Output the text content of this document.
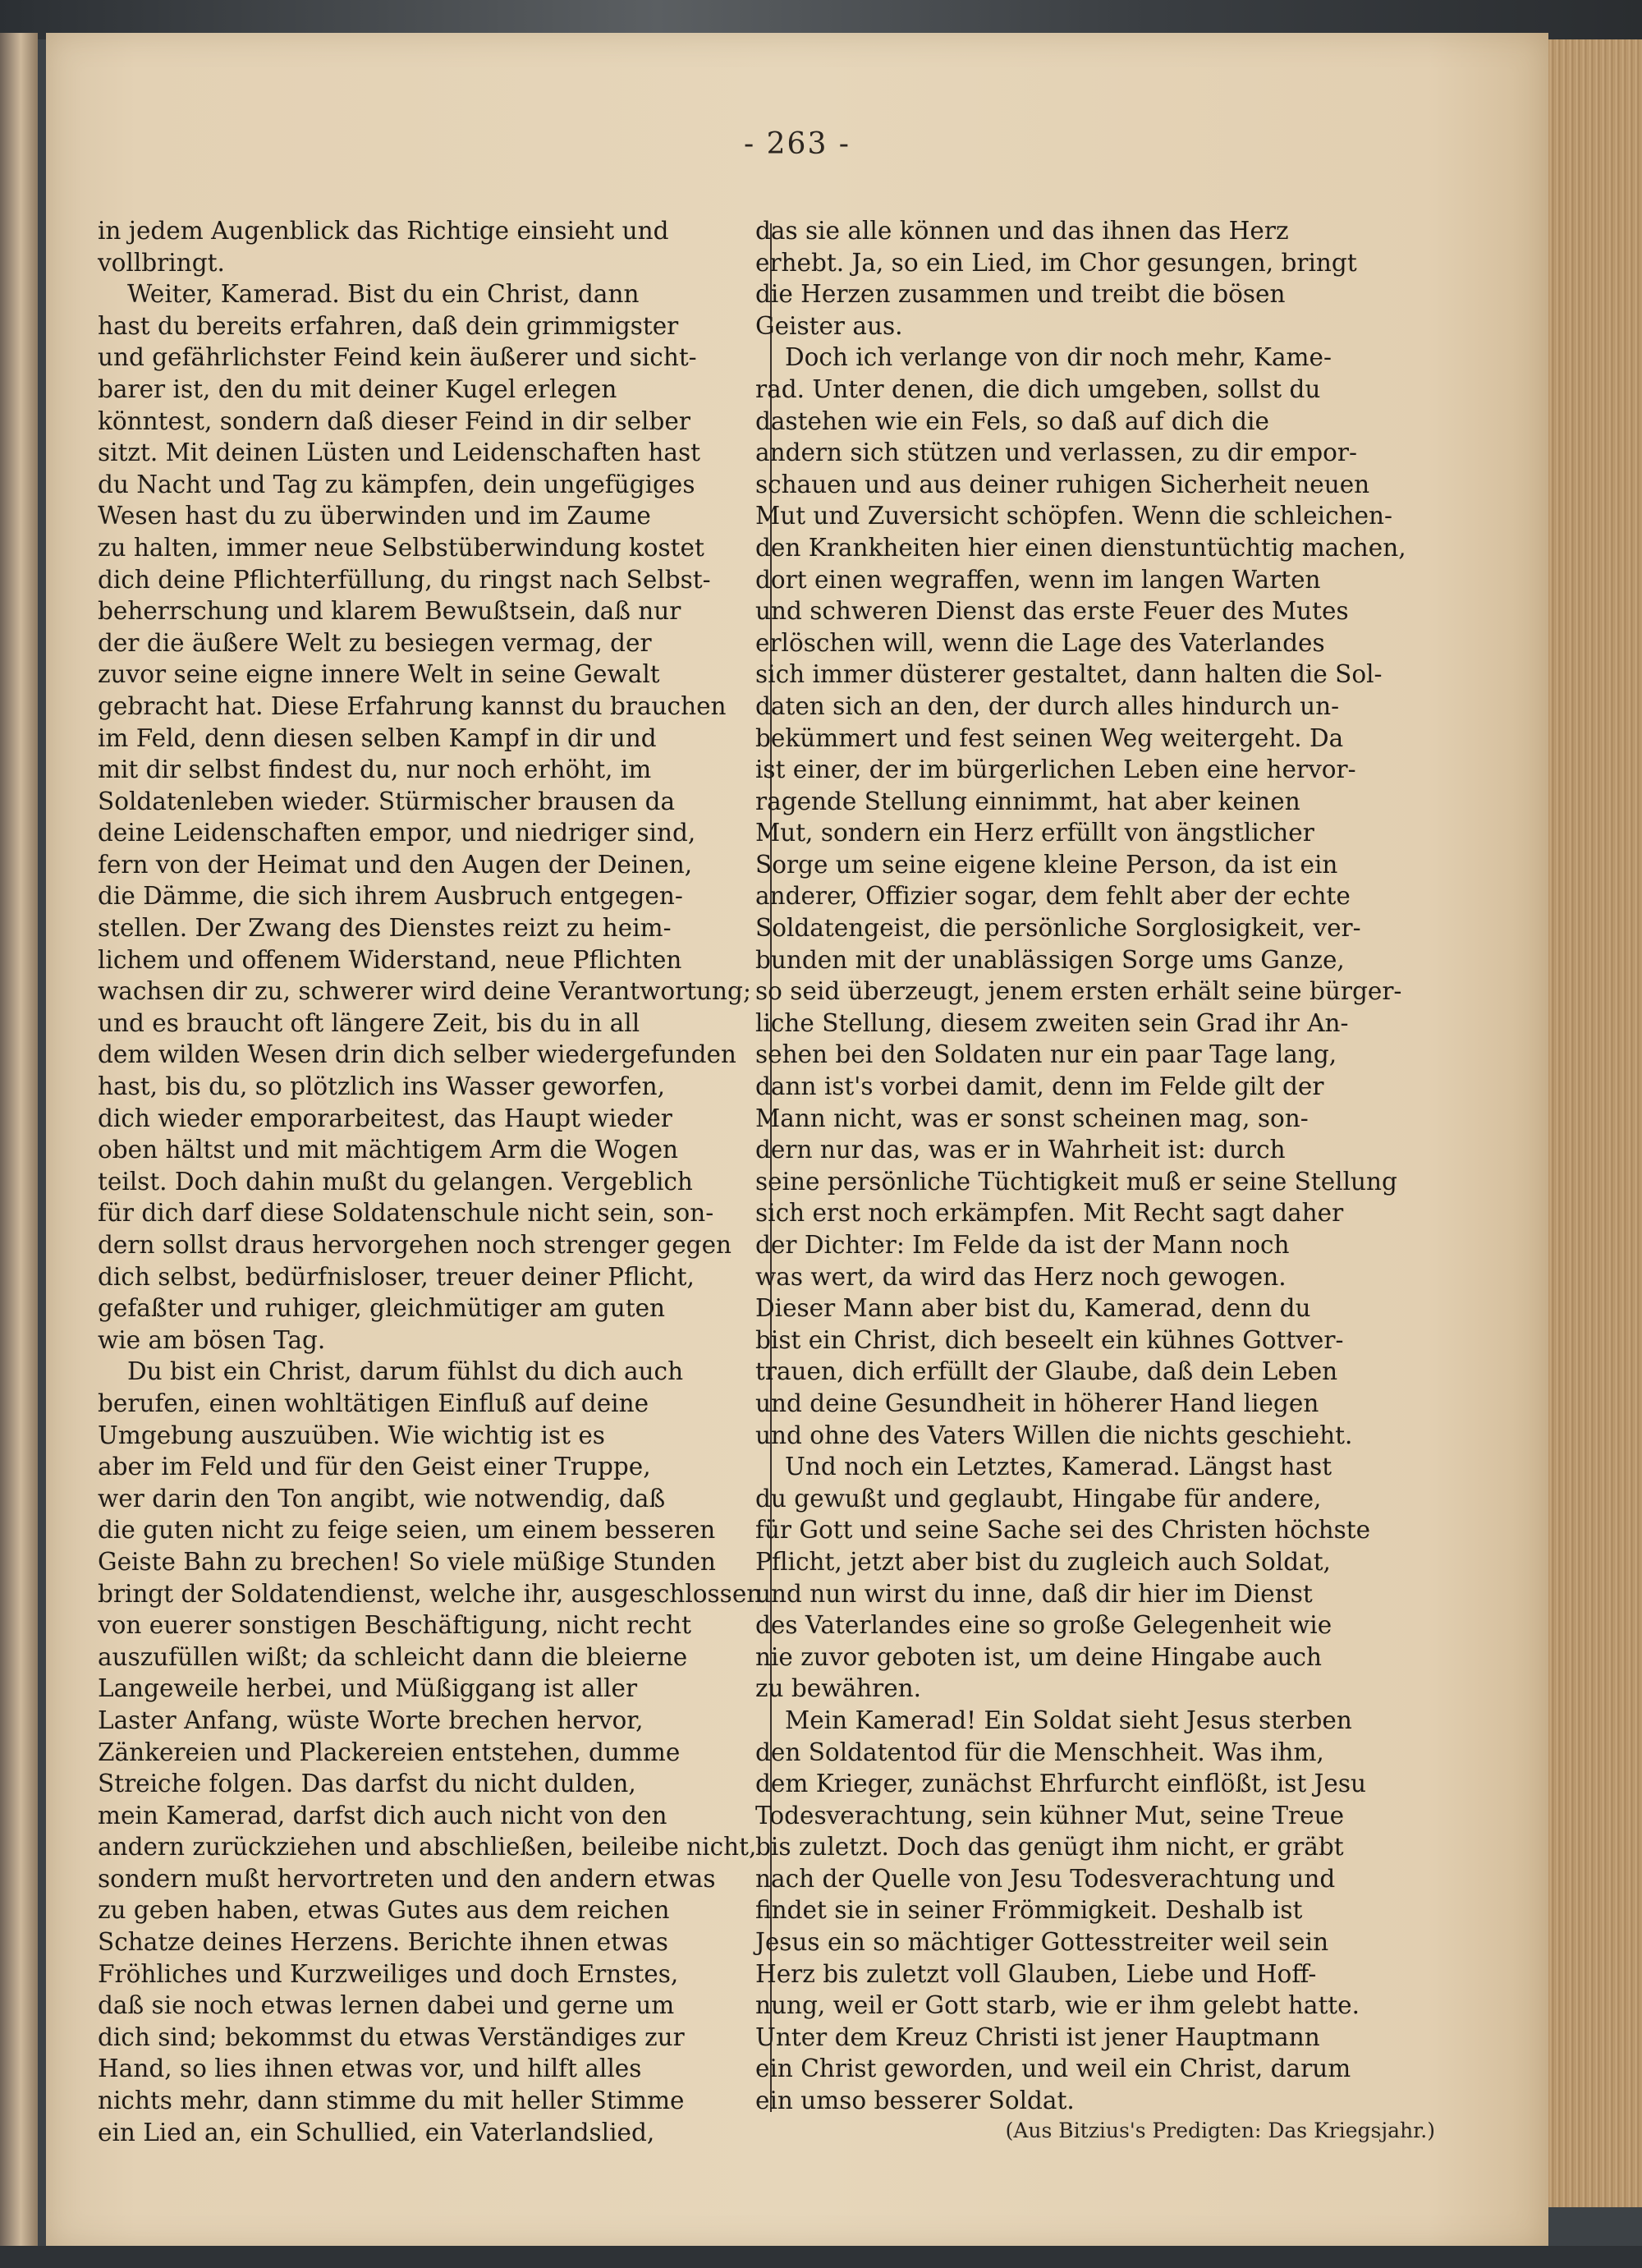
- 263 -

in jedem Augenblick das Richtige einsieht und
vollbringt.

Weiter, Kamerad. Bist du ein Christ, dann
hast du bereits erfahren, daß dein grimmigster
und gefährlichster Feind kein äußerer und sicht-
barer ist, den du mit deiner Kugel erlegen
könntest, sondern daß dieser Feind in dir selber
sitzt. Mit deinen Lüsten und Leidenschaften hast
du Nacht und Tag zu kämpfen, dein ungefügiges
Wesen hast du zu überwinden und im Zaume
zu halten, immer neue Selbstüberwindung kostet
dich deine Pflichterfüllung, du ringst nach Selbst-
beherrschung und klarem Bewußtsein, daß nur
der die äußere Welt zu besiegen vermag, der
zuvor seine eigne innere Welt in seine Gewalt
gebracht hat. Diese Erfahrung kannst du brauchen
im Feld, denn diesen selben Kampf in dir und
mit dir selbst findest du, nur noch erhöht, im
Soldatenleben wieder. Stürmischer brausen da
deine Leidenschaften empor, und niedriger sind,
fern von der Heimat und den Augen der Deinen,
die Dämme, die sich ihrem Ausbruch entgegen-
stellen. Der Zwang des Dienstes reizt zu heim-
lichem und offenem Widerstand, neue Pflichten
wachsen dir zu, schwerer wird deine Verantwortung;
und es braucht oft längere Zeit, bis du in all
dem wilden Wesen drin dich selber wiedergefunden
hast, bis du, so plötzlich ins Wasser geworfen,
dich wieder emporarbeitest, das Haupt wieder
oben hältst und mit mächtigem Arm die Wogen
teilst. Doch dahin mußt du gelangen. Vergeblich
für dich darf diese Soldatenschule nicht sein, son-
dern sollst draus hervorgehen noch strenger gegen
dich selbst, bedürfnisloser, treuer deiner Pflicht,
gefaßter und ruhiger, gleichmütiger am guten
wie am bösen Tag.

Du bist ein Christ, darum fühlst du dich auch
berufen, einen wohltätigen Einfluß auf deine
Umgebung auszuüben. Wie wichtig ist es
aber im Feld und für den Geist einer Truppe,
wer darin den Ton angibt, wie notwendig, daß
die guten nicht zu feige seien, um einem besseren
Geiste Bahn zu brechen! So viele müßige Stunden
bringt der Soldatendienst, welche ihr, ausgeschlossen
von euerer sonstigen Beschäftigung, nicht recht
auszufüllen wißt; da schleicht dann die bleierne
Langeweile herbei, und Müßiggang ist aller
Laster Anfang, wüste Worte brechen hervor,
Zänkereien und Plackereien entstehen, dumme
Streiche folgen. Das darfst du nicht dulden,
mein Kamerad, darfst dich auch nicht von den
andern zurückziehen und abschließen, beileibe nicht,
sondern mußt hervortreten und den andern etwas
zu geben haben, etwas Gutes aus dem reichen
Schatze deines Herzens. Berichte ihnen etwas
Fröhliches und Kurzweiliges und doch Ernstes,
daß sie noch etwas lernen dabei und gerne um
dich sind; bekommst du etwas Verständiges zur
Hand, so lies ihnen etwas vor, und hilft alles
nichts mehr, dann stimme du mit heller Stimme
ein Lied an, ein Schullied, ein Vaterlandslied,

das sie alle können und das ihnen das Herz
erhebt. Ja, so ein Lied, im Chor gesungen, bringt
die Herzen zusammen und treibt die bösen
Geister aus.

Doch ich verlange von dir noch mehr, Kame-
rad. Unter denen, die dich umgeben, sollst du
dastehen wie ein Fels, so daß auf dich die
andern sich stützen und verlassen, zu dir empor-
schauen und aus deiner ruhigen Sicherheit neuen
Mut und Zuversicht schöpfen. Wenn die schleichen-
den Krankheiten hier einen dienstuntüchtig machen,
dort einen wegraffen, wenn im langen Warten
und schweren Dienst das erste Feuer des Mutes
erlöschen will, wenn die Lage des Vaterlandes
sich immer düsterer gestaltet, dann halten die Sol-
daten sich an den, der durch alles hindurch un-
bekümmert und fest seinen Weg weitergeht. Da
ist einer, der im bürgerlichen Leben eine hervor-
ragende Stellung einnimmt, hat aber keinen
Mut, sondern ein Herz erfüllt von ängstlicher
Sorge um seine eigene kleine Person, da ist ein
anderer, Offizier sogar, dem fehlt aber der echte
Soldatengeist, die persönliche Sorglosigkeit, ver-
bunden mit der unablässigen Sorge ums Ganze,
so seid überzeugt, jenem ersten erhält seine bürger-
liche Stellung, diesem zweiten sein Grad ihr An-
sehen bei den Soldaten nur ein paar Tage lang,
dann ist's vorbei damit, denn im Felde gilt der
Mann nicht, was er sonst scheinen mag, son-
dern nur das, was er in Wahrheit ist: durch
seine persönliche Tüchtigkeit muß er seine Stellung
sich erst noch erkämpfen. Mit Recht sagt daher
der Dichter: Im Felde da ist der Mann noch
was wert, da wird das Herz noch gewogen.
Dieser Mann aber bist du, Kamerad, denn du
bist ein Christ, dich beseelt ein kühnes Gottver-
trauen, dich erfüllt der Glaube, daß dein Leben
und deine Gesundheit in höherer Hand liegen
und ohne des Vaters Willen die nichts geschieht.

Und noch ein Letztes, Kamerad. Längst hast
du gewußt und geglaubt, Hingabe für andere,
für Gott und seine Sache sei des Christen höchste
Pflicht, jetzt aber bist du zugleich auch Soldat,
und nun wirst du inne, daß dir hier im Dienst
des Vaterlandes eine so große Gelegenheit wie
nie zuvor geboten ist, um deine Hingabe auch
zu bewähren.

Mein Kamerad! Ein Soldat sieht Jesus sterben
den Soldatentod für die Menschheit. Was ihm,
dem Krieger, zunächst Ehrfurcht einflößt, ist Jesu
Todesverachtung, sein kühner Mut, seine Treue
bis zuletzt. Doch das genügt ihm nicht, er gräbt
nach der Quelle von Jesu Todesverachtung und
findet sie in seiner Frömmigkeit. Deshalb ist
Jesus ein so mächtiger Gottesstreiter weil sein
Herz bis zuletzt voll Glauben, Liebe und Hoff-
nung, weil er Gott starb, wie er ihm gelebt hatte.
Unter dem Kreuz Christi ist jener Hauptmann
ein Christ geworden, und weil ein Christ, darum
ein umso besserer Soldat.

(Aus Bitzius's Predigten: Das Kriegsjahr.)
